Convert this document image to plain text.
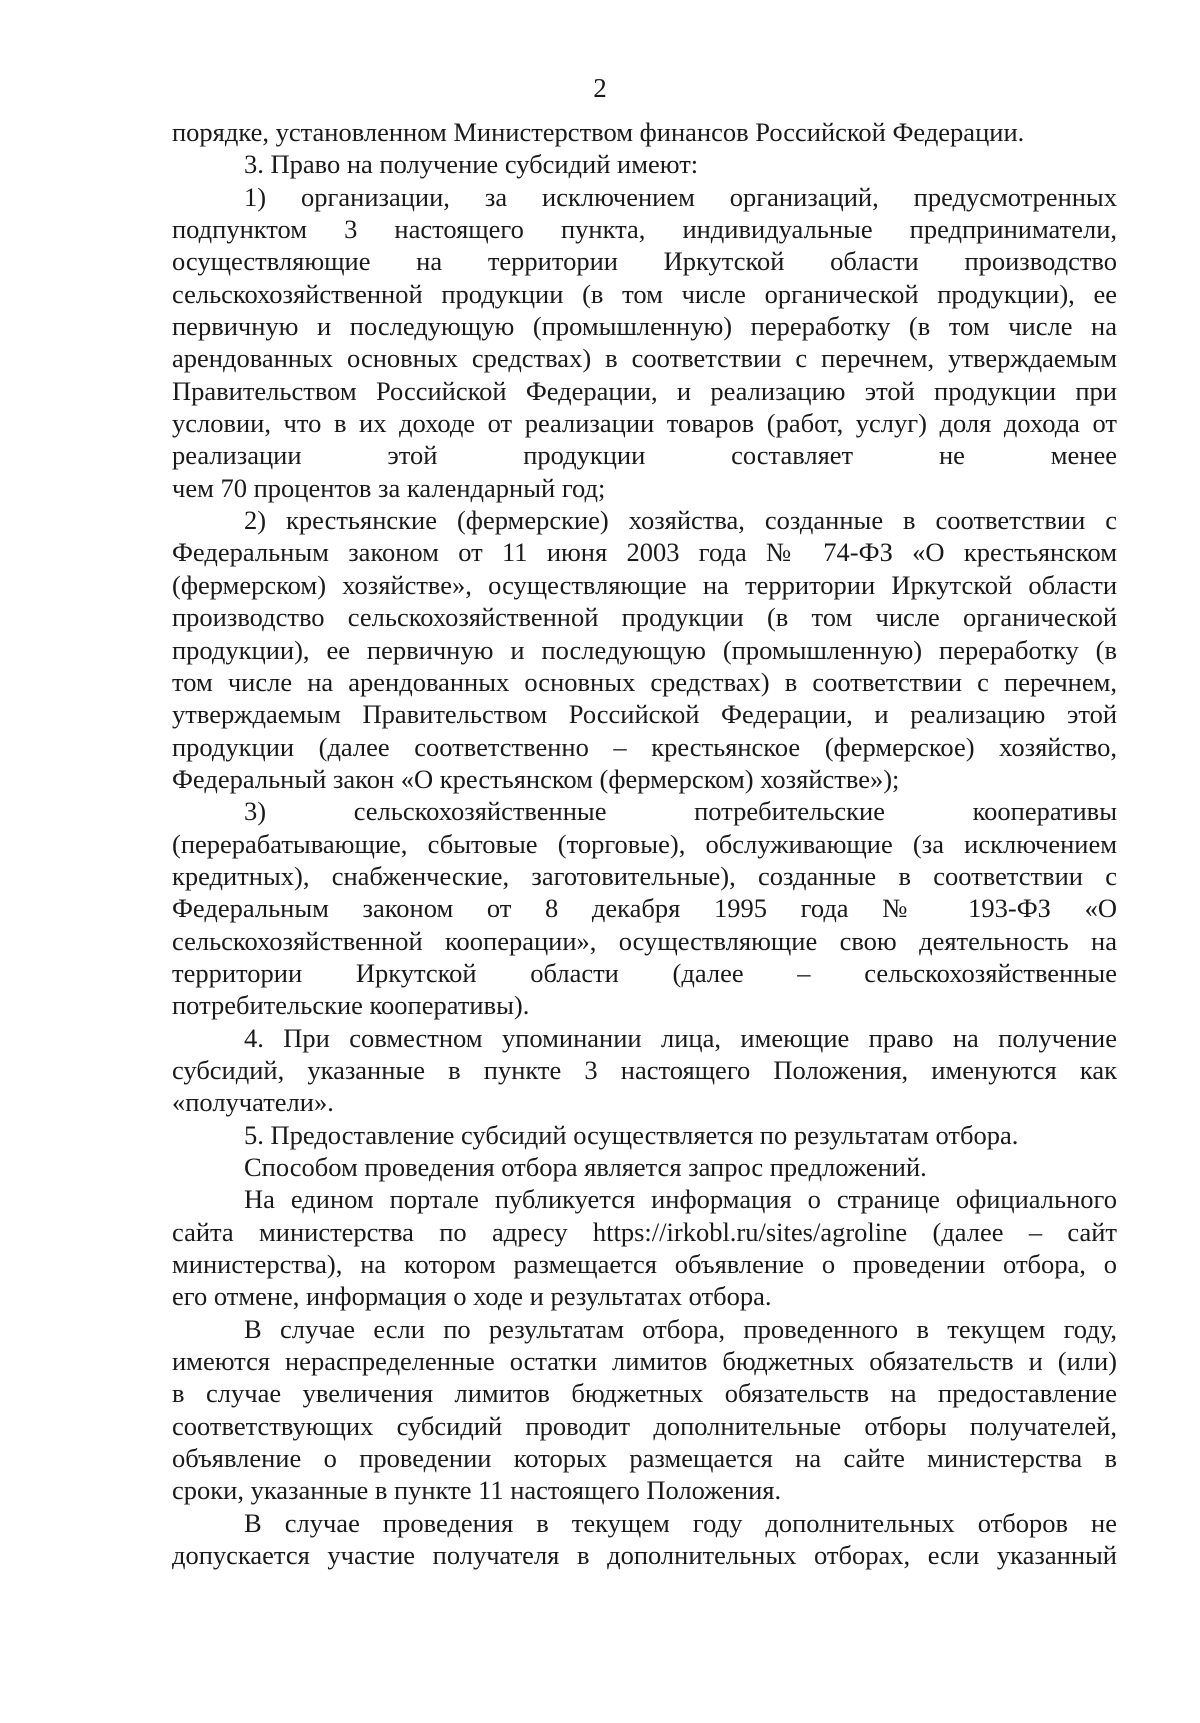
2
порядке, установленном Министерством финансов Российской Федерации.
3. Право на получение субсидий имеют:
1) организации, за исключением организаций, предусмотренных
подпунктом 3 настоящего пункта, индивидуальные предприниматели,
осуществляющие на территории Иркутской области производство
сельскохозяйственной продукции (в том числе органической продукции), ее
первичную и последующую (промышленную) переработку (в том числе на
арендованных основных средствах) в соответствии с перечнем, утверждаемым
Правительством Российской Федерации, и реализацию этой продукции при
условии, что в их доходе от реализации товаров (работ, услуг) доля дохода от
реализации этой продукции составляет не менее
чем 70 процентов за календарный год;
2) крестьянские (фермерские) хозяйства, созданные в соответствии с
Федеральным законом от 11 июня 2003 года № 74-ФЗ «О крестьянском
(фермерском) хозяйстве», осуществляющие на территории Иркутской области
производство сельскохозяйственной продукции (в том числе органической
продукции), ее первичную и последующую (промышленную) переработку (в
том числе на арендованных основных средствах) в соответствии с перечнем,
утверждаемым Правительством Российской Федерации, и реализацию этой
продукции (далее соответственно – крестьянское (фермерское) хозяйство,
Федеральный закон «О крестьянском (фермерском) хозяйстве»);
3) сельскохозяйственные потребительские кооперативы
(перерабатывающие, сбытовые (торговые), обслуживающие (за исключением
кредитных), снабженческие, заготовительные), созданные в соответствии с
Федеральным законом от 8 декабря 1995 года № 193-ФЗ «О
сельскохозяйственной кооперации», осуществляющие свою деятельность на
территории Иркутской области (далее – сельскохозяйственные
потребительские кооперативы).
4. При совместном упоминании лица, имеющие право на получение
субсидий, указанные в пункте 3 настоящего Положения, именуются как
«получатели».
5. Предоставление субсидий осуществляется по результатам отбора.
Способом проведения отбора является запрос предложений.
На едином портале публикуется информация о странице официального
сайта министерства по адресу https://irkobl.ru/sites/agroline (далее – сайт
министерства), на котором размещается объявление о проведении отбора, о
его отмене, информация о ходе и результатах отбора.
В случае если по результатам отбора, проведенного в текущем году,
имеются нераспределенные остатки лимитов бюджетных обязательств и (или)
в случае увеличения лимитов бюджетных обязательств на предоставление
соответствующих субсидий проводит дополнительные отборы получателей,
объявление о проведении которых размещается на сайте министерства в
сроки, указанные в пункте 11 настоящего Положения.
В случае проведения в текущем году дополнительных отборов не
допускается участие получателя в дополнительных отборах, если указанный
